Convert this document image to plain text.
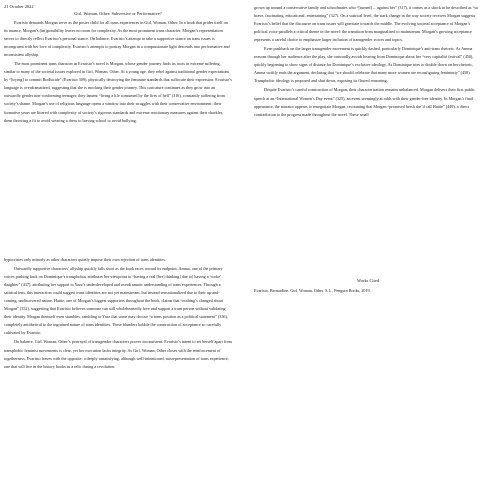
21 October 2022

Girl, Woman, Other: Subversive or Performative?

Evaristo demands Morgan serve as the poster child for all trans experiences in Girl, Woman, Other. In a book that prides itself on its nuance, Morgan’s (im)possibility leaves no room for complexity. As the most prominent trans character, Morgan’s representation serves to directly reflect Evaristo’s personal stance. On balance, Evaristo’s attempt to take a supportive stance on trans issues is incongruent with her love of complexity. Evaristo’s attempts to portray Morgan in a compassionate light descends into performative and inconsistent allyship.

The most prominent trans character in Evaristo’s novel is Morgan, whose gender journey finds its roots in extreme suffering, similar to many of the societal issues explored in Girl, Woman, Other. At a young age, they rebel against traditional gender expectations by “[trying] to commit Bodhicide” (Evaristo 309), physically destroying the feminine standards that suffocate their expression. Evaristo’s language is overdramatized, suggesting that she is mocking their gender journey. This caricature continues as they grow into an outwardly gender non-conforming teenager; they lament “living a life consumed by the fires of hell” (316), constantly suffering from society’s shame. Morgan’s use of religious language opens a window into their struggles with their conservative environment; their formative years are littered with complexity of society’s rigorous standards and extreme reactionary measures against their shackles, them throwing a fit to avoid wearing a dress to leaving school to avoid bullying.

grown up around a conservative family and schoolmates who “[turned] ... against her” (317), it comes as a shock to be described as “so brave, fascinating, educational, entertaining” (327). On a satirical level, the stark change in the way society receives Morgan suggests Evaristo’s belief that the discourse on trans issues will gravitate towards the middle. The evolving societal acceptance of Morgan’s political voice parallels a critical theme in the novel: the transition from marginalized to mainstream. Morgan’s growing acceptance represents a careful choice to emphasize larger inclusion of transgender voices and topics.

Even pushback on the larger transgender movement is quickly dashed, particularly Dominique’s anti-trans rhetoric. As Amma reasons through her audience after the play, she outwardly avoids hearing from Dominique about her “very capitalist festival” (450), quickly beginning to show signs of distaste for Dominique’s exclusive ideology. As Dominique tries to double down on her rhetoric, Amma swiftly ends the argument, declaring that “we should celebrate that many more women are reconfiguring femininity” (458). Transphobic ideology is proposed and shut down, exposing its flawed reasoning.

Despite Evaristo’s careful construction of Morgan, their characterization remains unbalanced. Morgan delivers their first public speech at an “International Women’s Day event” (325), an event seemingly at odds with their gender-free identity. In Morgan’s final appearance, the narrator appears to renegotiate Morgan, recounting that Morgan “promised hersh she’d call Hattie” (449), a direct contradiction to the progress made throughout the novel. These small

hypocrisies only minorly as other characters quietly impose their own rejection of trans identities.

Outwardly supportive characters’ allyship quickly falls short as the book races toward its endpoint. Amma, one of the primary voices pushing back on Dominique’s transphobia, attributes her viewpoint to “having a real [her] thinking [due to] having a ‘woke’ daughter” (437), attributing her support to Yazz’s underdeveloped and overdramatic understanding of trans experiences. Through a satirical lens, this interaction could suggest trans identities are not yet mainstream, but instead sensationalized due to their up-and-coming, undiscovered nature. Hattie, one of Morgan’s biggest supporters throughout the book, claims that “nothing’s changed about Morgan” (352), suggesting that Evaristo believes someone can still wholeheartedly love and support a trans person without validating their identity. Morgan themself even stumbles, rambling to Yazz that some may choose “a trans position as a political statement” (336), completely antithetical to the ingrained nature of trans identities. These blunders hobble the construction of acceptance so carefully cultivated by Evaristo.

On balance, Girl, Woman, Other’s portrayal of transgender characters proves inconsistent. Evaristo’s intent to set herself apart from transphobic feminist movements is clear, yet her execution lacks integrity. As Girl, Woman, Other closes with the reinforcement of togetherness, Evaristo leaves with the opposite: a deeply unsatisfying, although well-intentioned, misrepresentation of trans experience; one that will live in the history books as a relic during a revolution.

Works Cited

Evaristo, Bernardine. Girl, Woman, Other. S.L., Penguin Books, 2019.
